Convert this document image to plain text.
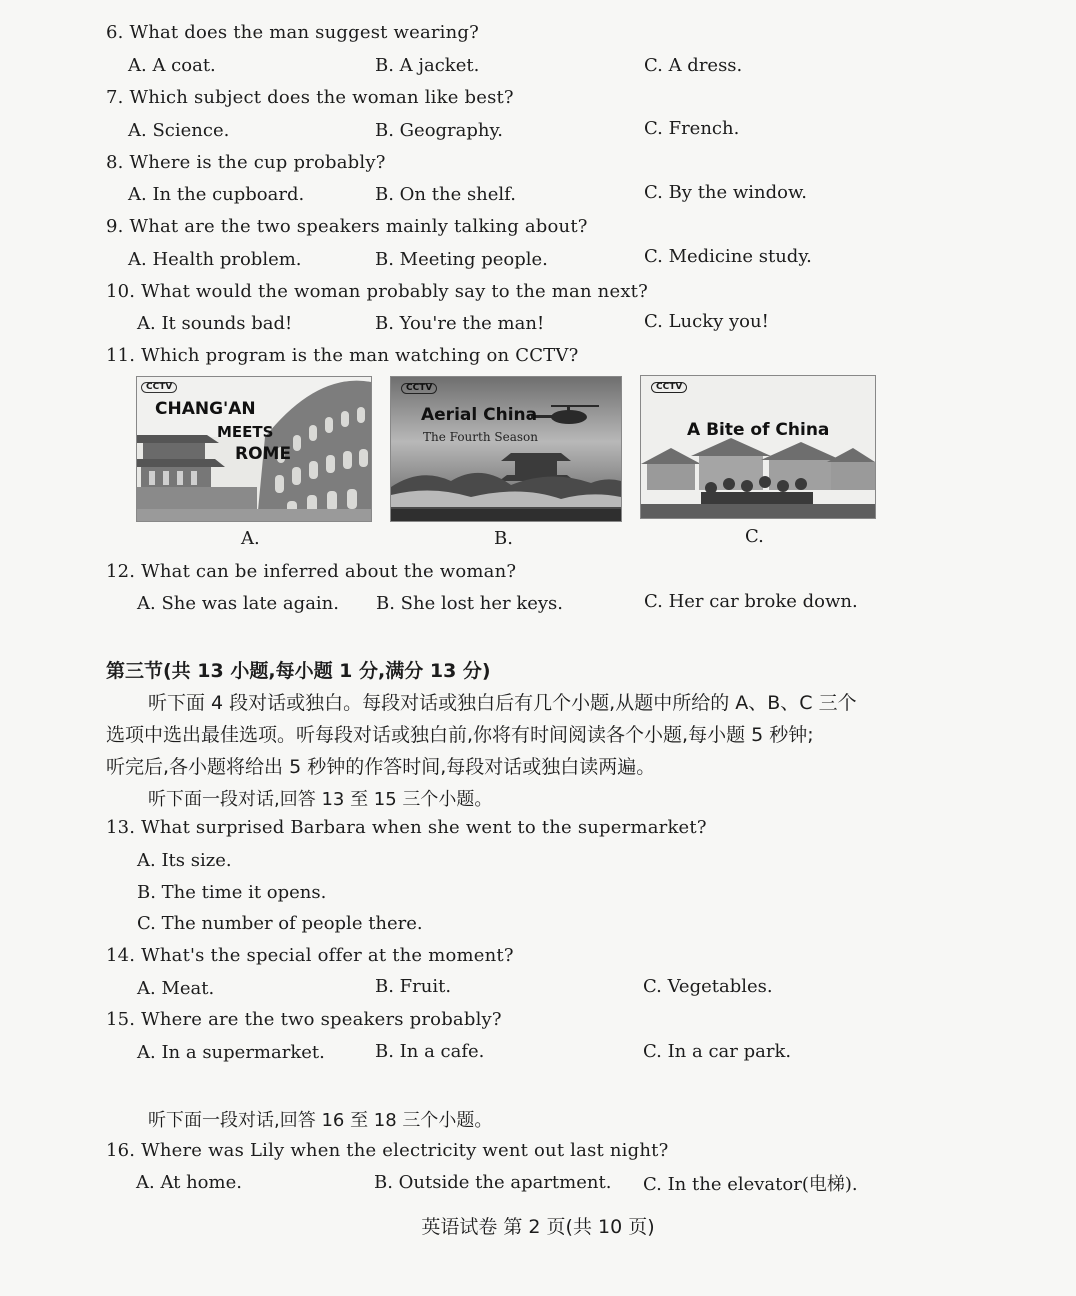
6. What does the man suggest wearing?
A. A coat.	B. A jacket.	C. A dress.
7. Which subject does the woman like best?
A. Science.	B. Geography.	C. French.
8. Where is the cup probably?
A. In the cupboard.	B. On the shelf.	C. By the window.
9. What are the two speakers mainly talking about?
A. Health problem.	B. Meeting people.	C. Medicine study.
10. What would the woman probably say to the man next?
A. It sounds bad!	B. You're the man!	C. Lucky you!
11. Which program is the man watching on CCTV?
CCTV
CHANG'AN
MEETS
ROME
A.
CCTV
Aerial China
The Fourth Season
B.
CCTV
A Bite of China
C.
12. What can be inferred about the woman?
A. She was late again. B. She lost her keys.	C. Her car broke down.
第三节(共 13 小题,每小题 1 分,满分 13 分)
听下面 4 段对话或独白。每段对话或独白后有几个小题,从题中所给的 A、B、C 三个
选项中选出最佳选项。听每段对话或独白前,你将有时间阅读各个小题,每小题 5 秒钟;
听完后,各小题将给出 5 秒钟的作答时间,每段对话或独白读两遍。
听下面一段对话,回答 13 至 15 三个小题。
13. What surprised Barbara when she went to the supermarket?
A. Its size.
B. The time it opens.
C. The number of people there.
14. What's the special offer at the moment?
A. Meat.	B. Fruit.	C. Vegetables.
15. Where are the two speakers probably?
A. In a supermarket.	B. In a cafe.	C. In a car park.
听下面一段对话,回答 16 至 18 三个小题。
16. Where was Lily when the electricity went out last night?
A. At home.	B. Outside the apartment. C. In the elevator(电梯).
英语试卷 第 2 页(共 10 页)
